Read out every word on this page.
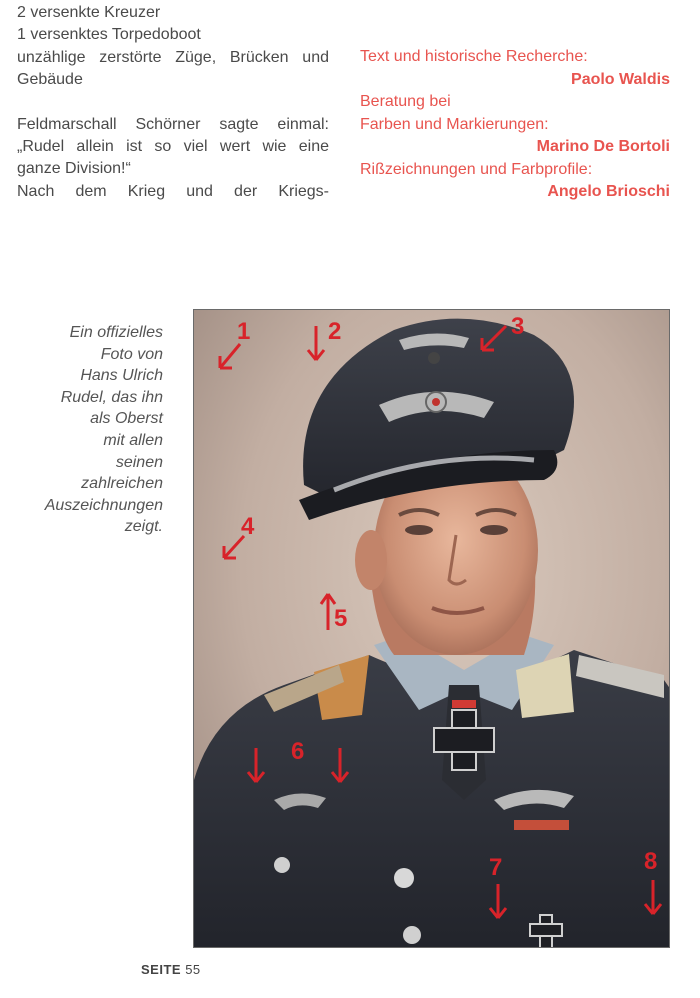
2 versenkte Kreuzer

1 versenktes Torpedoboot

unzählige zerstörte Züge, Brücken und

Gebäude

Feldmarschall Schörner sagte einmal:

„Rudel allein ist so viel wert wie eine

ganze Division!“

Nach dem Krieg und der Kriegs-

Text und historische Recherche:

Paolo Waldis

Beratung bei

Farben und Markierungen:

Marino De Bortoli

Rißzeichnungen und Farbprofile:

Angelo Brioschi

Ein offizielles
Foto von
Hans Ulrich
Rudel, das ihn
als Oberst
mit allen
seinen
zahlreichen
Auszeichnungen
zeigt.
1	2	3
4
5
6
7	8
SEITE 55
